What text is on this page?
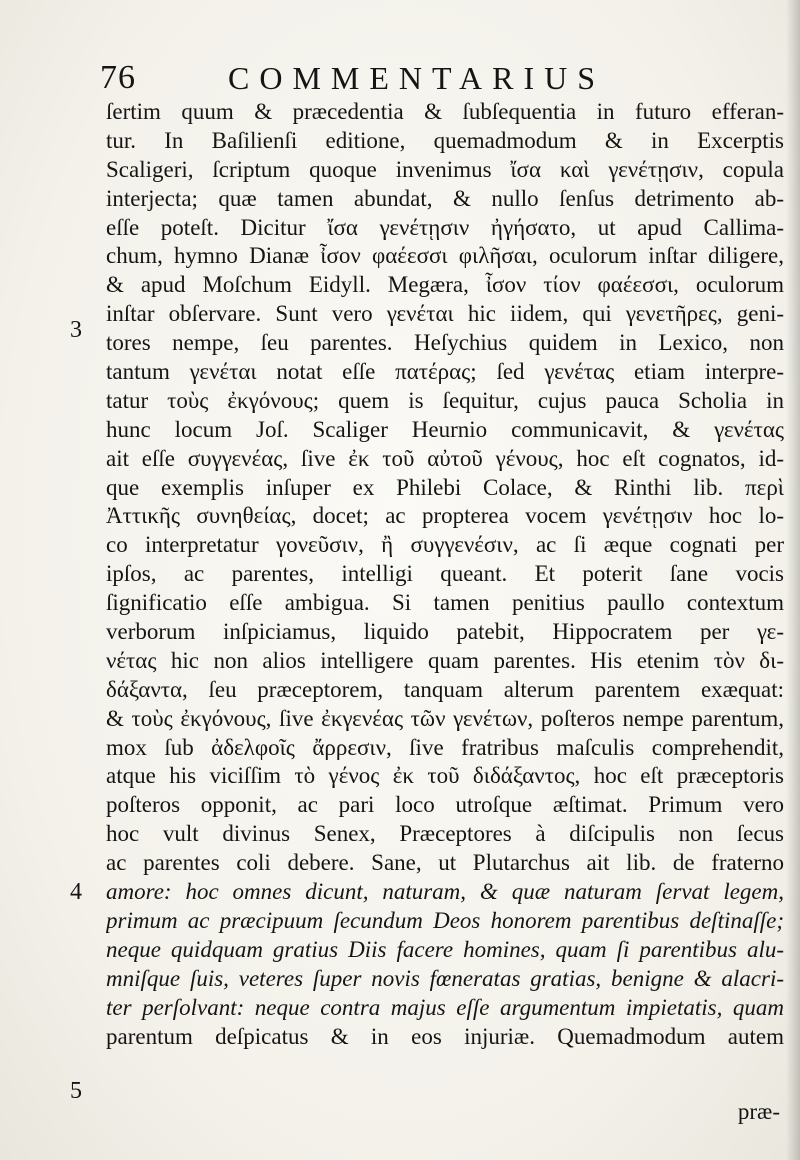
76	COMMENTARIUS
3
4
5
ſertim quum & præcedentia & ſubſequentia in futuro efferan-
tur. In Baſilienſi editione, quemadmodum & in Excerptis
Scaligeri, ſcriptum quoque invenimus ἴσα καὶ γενέτῃσιν, copula
interjecta; quæ tamen abundat, & nullo ſenſus detrimento ab-
eſſe poteſt. Dicitur ἴσα γενέτῃσιν ἠγήσατο, ut apud Callima-
chum, hymno Dianæ ἶσον φαέεσσι φιλῆσαι, oculorum inſtar diligere,
& apud Moſchum Eidyll. Megæra, ἶσον τίον φαέεσσι, oculorum
inſtar obſervare. Sunt vero γενέται hic iidem, qui γενετῆρες, geni-
tores nempe, ſeu parentes. Heſychius quidem in Lexico, non
tantum γενέται notat eſſe πατέρας; ſed γενέτας etiam interpre-
tatur τοὺς ἐκγόνους; quem is ſequitur, cujus pauca Scholia in
hunc locum Joſ. Scaliger Heurnio communicavit, & γενέτας
ait eſſe συγγενέας, ſive ἐκ τοῦ αὐτοῦ γένους, hoc eſt cognatos, id-
que exemplis inſuper ex Philebi Colace, & Rinthi lib. περὶ
Ἀττικῆς συνηθείας, docet; ac propterea vocem γενέτῃσιν hoc lo-
co interpretatur γονεῦσιν, ἢ συγγενέσιν, ac ſi æque cognati per
ipſos, ac parentes, intelligi queant. Et poterit ſane vocis
ſignificatio eſſe ambigua. Si tamen penitius paullo contextum
verborum inſpiciamus, liquido patebit, Hippocratem per γε-
νέτας hic non alios intelligere quam parentes. His etenim τὸν δι-
δάξαντα, ſeu præceptorem, tanquam alterum parentem exæquat:
& τοὺς ἐκγόνους, ſive ἐκγενέας τῶν γενέτων, poſteros nempe parentum,
mox ſub ἀδελφοῖς ἄρρεσιν, ſive fratribus maſculis comprehendit,
atque his viciſſim τὸ γένος ἐκ τοῦ διδάξαντος, hoc eſt præceptoris
poſteros opponit, ac pari loco utroſque æſtimat. Primum vero
hoc vult divinus Senex, Præceptores à diſcipulis non ſecus
ac parentes coli debere. Sane, ut Plutarchus ait lib. de fraterno
amore: hoc omnes dicunt, naturam, & quæ naturam ſervat legem,
primum ac præcipuum ſecundum Deos honorem parentibus deſtinaſſe;
neque quidquam gratius Diis facere homines, quam ſi parentibus alu-
mniſque ſuis, veteres ſuper novis fœneratas gratias, benigne & alacri-
ter perſolvant: neque contra majus eſſe argumentum impietatis, quam
parentum deſpicatus & in eos injuriæ. Quemadmodum autem
præ-
